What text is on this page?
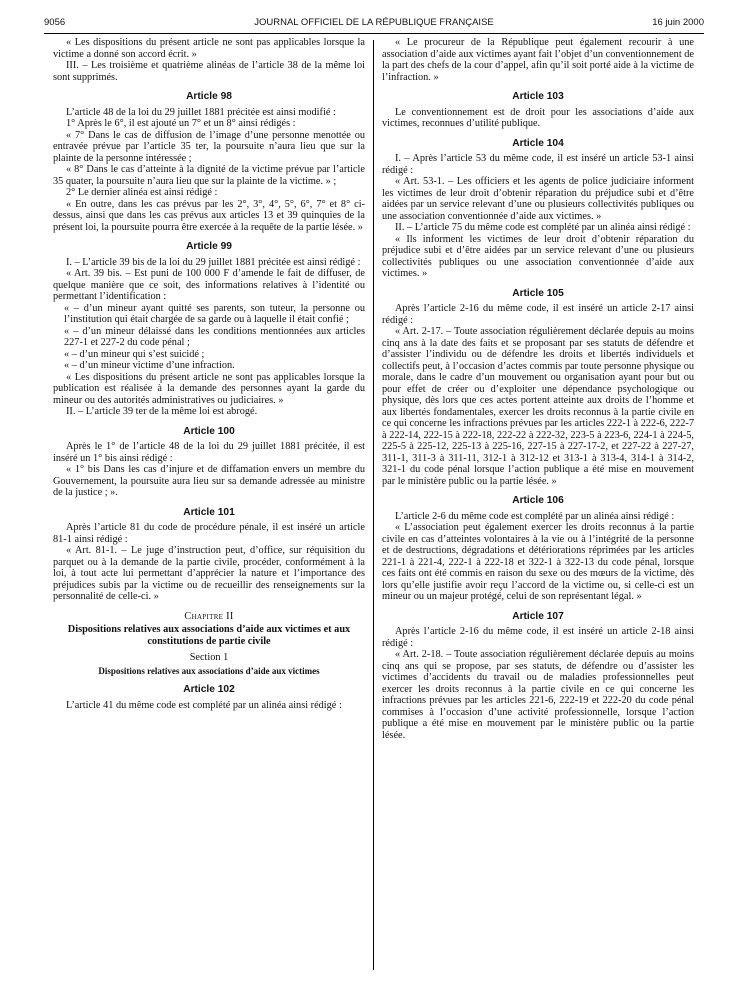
9056	JOURNAL OFFICIEL DE LA RÉPUBLIQUE FRANÇAISE	16 juin 2000

« Les dispositions du présent article ne sont pas applicables lorsque la victime a donné son accord écrit. »

III. – Les troisième et quatrième alinéas de l’article 38 de la même loi sont supprimés.

Article 98

L’article 48 de la loi du 29 juillet 1881 précitée est ainsi modifié :

1° Après le 6°, il est ajouté un 7° et un 8° ainsi rédigés :

« 7° Dans le cas de diffusion de l’image d’une personne menottée ou entravée prévue par l’article 35 ter, la poursuite n’aura lieu que sur la plainte de la personne intéressée ;

« 8° Dans le cas d’atteinte à la dignité de la victime prévue par l’article 35 quater, la poursuite n’aura lieu que sur la plainte de la victime. » ;

2° Le dernier alinéa est ainsi rédigé :

« En outre, dans les cas prévus par les 2°, 3°, 4°, 5°, 6°, 7° et 8° ci-dessus, ainsi que dans les cas prévus aux articles 13 et 39 quinquies de la présent loi, la poursuite pourra être exercée à la requête de la partie lésée. »

Article 99

I. – L’article 39 bis de la loi du 29 juillet 1881 précitée est ainsi rédigé :

« Art. 39 bis. – Est puni de 100 000 F d’amende le fait de diffuser, de quelque manière que ce soit, des informations relatives à l’identité ou permettant l’identification :

« – d’un mineur ayant quitté ses parents, son tuteur, la personne ou l’institution qui était chargée de sa garde ou à laquelle il était confié ;

« – d’un mineur délaissé dans les conditions mentionnées aux articles 227-1 et 227-2 du code pénal ;

« – d’un mineur qui s’est suicidé ;

« – d’un mineur victime d’une infraction.

« Les dispositions du présent article ne sont pas applicables lorsque la publication est réalisée à la demande des personnes ayant la garde du mineur ou des autorités administratives ou judiciaires. »

II. – L’article 39 ter de la même loi est abrogé.

Article 100

Après le 1° de l’article 48 de la loi du 29 juillet 1881 précitée, il est inséré un 1° bis ainsi rédigé :

« 1° bis Dans les cas d’injure et de diffamation envers un membre du Gouvernement, la poursuite aura lieu sur sa demande adressée au ministre de la justice ; ».

Article 101

Après l’article 81 du code de procédure pénale, il est inséré un article 81-1 ainsi rédigé :

« Art. 81-1. – Le juge d’instruction peut, d’office, sur réquisition du parquet ou à la demande de la partie civile, procéder, conformément à la loi, à tout acte lui permettant d’apprécier la nature et l’importance des préjudices subis par la victime ou de recueillir des renseignements sur la personnalité de celle-ci. »

Chapitre II
Dispositions relatives aux associations d’aide aux victimes et aux constitutions de partie civile
Section 1
Dispositions relatives aux associations d’aide aux victimes
Article 102

L’article 41 du même code est complété par un alinéa ainsi rédigé :

« Le procureur de la République peut également recourir à une association d’aide aux victimes ayant fait l’objet d’un conventionnement de la part des chefs de la cour d’appel, afin qu’il soit porté aide à la victime de l’infraction. »

Article 103

Le conventionnement est de droit pour les associations d’aide aux victimes, reconnues d’utilité publique.

Article 104

I. – Après l’article 53 du même code, il est inséré un article 53-1 ainsi rédigé :

« Art. 53-1. – Les officiers et les agents de police judiciaire informent les victimes de leur droit d’obtenir réparation du préjudice subi et d’être aidées par un service relevant d’une ou plusieurs collectivités publiques ou une association conventionnée d’aide aux victimes. »

II. – L’article 75 du même code est complété par un alinéa ainsi rédigé :

« Ils informent les victimes de leur droit d’obtenir réparation du préjudice subi et d’être aidées par un service relevant d’une ou plusieurs collectivités publiques ou une association conventionnée d’aide aux victimes. »

Article 105

Après l’article 2-16 du même code, il est inséré un article 2-17 ainsi rédigé :

« Art. 2-17. – Toute association régulièrement déclarée depuis au moins cinq ans à la date des faits et se proposant par ses statuts de défendre et d’assister l’individu ou de défendre les droits et libertés individuels et collectifs peut, à l’occasion d’actes commis par toute personne physique ou morale, dans le cadre d’un mouvement ou organisation ayant pour but ou pour effet de créer ou d’exploiter une dépendance psychologique ou physique, dès lors que ces actes portent atteinte aux droits de l’homme et aux libertés fondamentales, exercer les droits reconnus à la partie civile en ce qui concerne les infractions prévues par les articles 222-1 à 222-6, 222-7 à 222-14, 222-15 à 222-18, 222-22 à 222-32, 223-5 à 223-6, 224-1 à 224-5, 225-5 à 225-12, 225-13 à 225-16, 227-15 à 227-17-2, et 227-22 à 227-27, 311-1, 311-3 à 311-11, 312-1 à 312-12 et 313-1 à 313-4, 314-1 à 314-2, 321-1 du code pénal lorsque l’action publique a été mise en mouvement par le ministère public ou la partie lésée. »

Article 106

L’article 2-6 du même code est complété par un alinéa ainsi rédigé :

« L’association peut également exercer les droits reconnus à la partie civile en cas d’atteintes volontaires à la vie ou à l’intégrité de la personne et de destructions, dégradations et détériorations réprimées par les articles 221-1 à 221-4, 222-1 à 222-18 et 322-1 à 322-13 du code pénal, lorsque ces faits ont été commis en raison du sexe ou des mœurs de la victime, dès lors qu’elle justifie avoir reçu l’accord de la victime ou, si celle-ci est un mineur ou un majeur protégé, celui de son représentant légal. »

Article 107

Après l’article 2-16 du même code, il est inséré un article 2-18 ainsi rédigé :

« Art. 2-18. – Toute association régulièrement déclarée depuis au moins cinq ans qui se propose, par ses statuts, de défendre ou d’assister les victimes d’accidents du travail ou de maladies professionnelles peut exercer les droits reconnus à la partie civile en ce qui concerne les infractions prévues par les articles 221-6, 222-19 et 222-20 du code pénal commises à l’occasion d’une activité professionnelle, lorsque l’action publique a été mise en mouvement par le ministère public ou la partie lésée.
